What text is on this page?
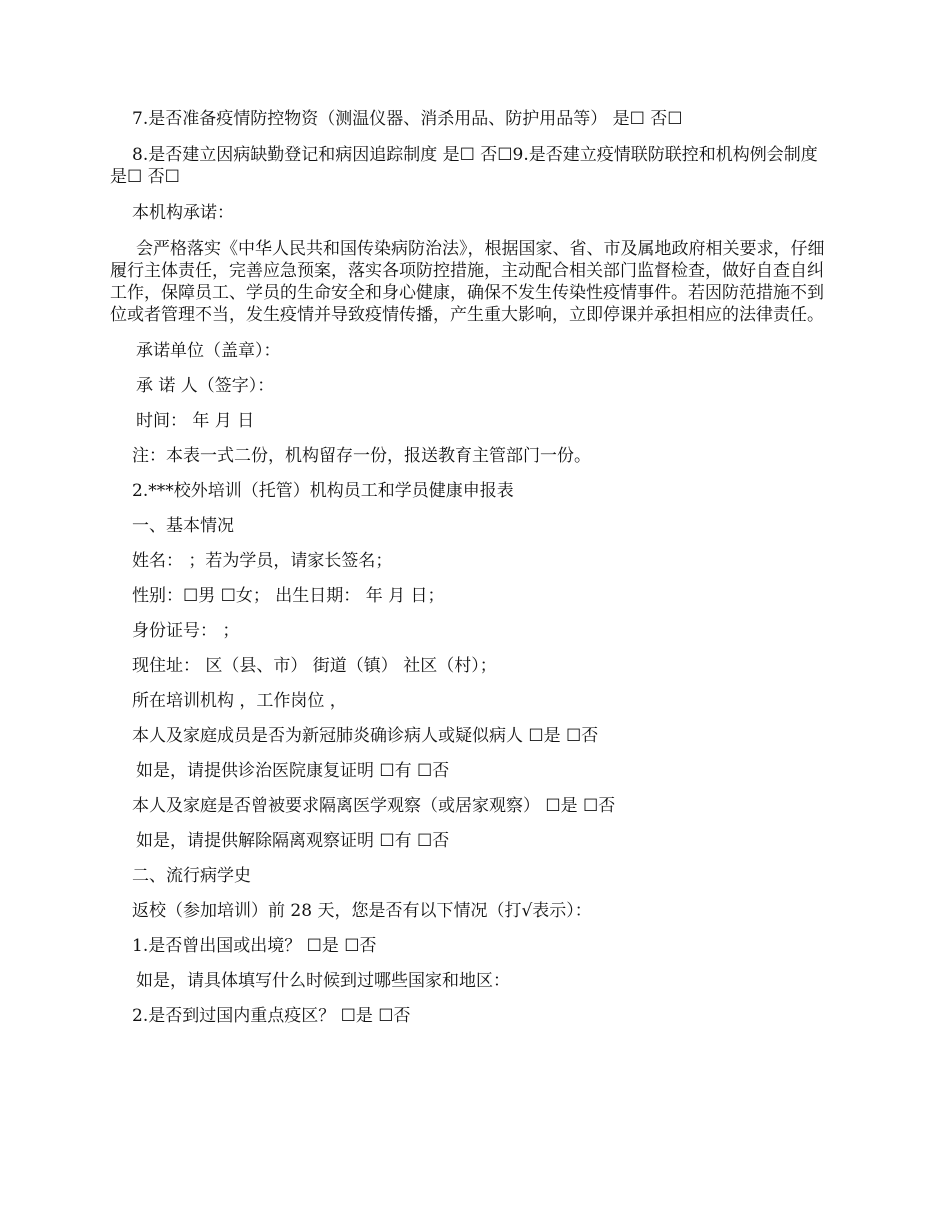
7.是否准备疫情防控物资（测温仪器、消杀用品、防护用品等） 是☐ 否☐

8.是否建立因病缺勤登记和病因追踪制度 是☐ 否☐9.是否建立疫情联防联控和机构例会制度 是☐ 否☐

本机构承诺：

会严格落实《中华人民共和国传染病防治法》，根据国家、省、市及属地政府相关要求，仔细履行主体责任，完善应急预案，落实各项防控措施，主动配合相关部门监督检查，做好自查自纠工作，保障员工、学员的生命安全和身心健康，确保不发生传染性疫情事件。若因防范措施不到位或者管理不当，发生疫情并导致疫情传播，产生重大影响，立即停课并承担相应的法律责任。

承诺单位（盖章）：

承 诺 人（签字）：

时间： 年 月 日

注：本表一式二份，机构留存一份，报送教育主管部门一份。

2.***校外培训（托管）机构员工和学员健康申报表

一、基本情况

姓名： ；若为学员，请家长签名；

性别：☐男 ☐女； 出生日期： 年 月 日；

身份证号： ；

现住址： 区（县、市） 街道（镇） 社区（村）；

所在培训机构 ，工作岗位 ，

本人及家庭成员是否为新冠肺炎确诊病人或疑似病人 ☐是 ☐否

如是，请提供诊治医院康复证明 ☐有 ☐否

本人及家庭是否曾被要求隔离医学观察（或居家观察） ☐是 ☐否

如是，请提供解除隔离观察证明 ☐有 ☐否

二、流行病学史

返校（参加培训）前 28 天，您是否有以下情况（打√表示）：

1.是否曾出国或出境？ ☐是 ☐否

如是，请具体填写什么时候到过哪些国家和地区：

2.是否到过国内重点疫区？ ☐是 ☐否
